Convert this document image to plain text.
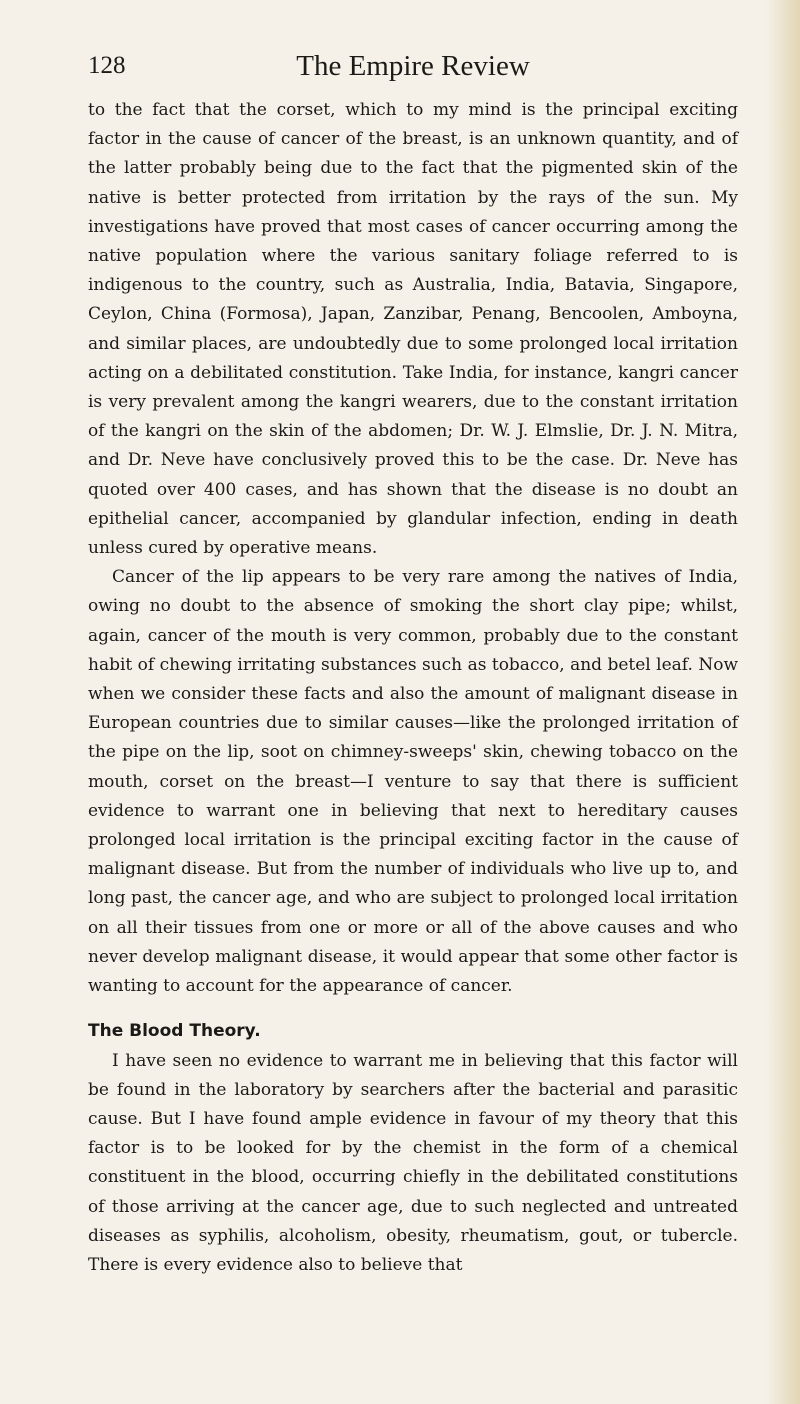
128	The Empire Review

to the fact that the corset, which to my mind is the principal exciting factor in the cause of cancer of the breast, is an unknown quantity, and of the latter probably being due to the fact that the pigmented skin of the native is better protected from irritation by the rays of the sun. My investigations have proved that most cases of cancer occurring among the native population where the various sanitary foliage referred to is indigenous to the country, such as Australia, India, Batavia, Singapore, Ceylon, China (Formosa), Japan, Zanzibar, Penang, Bencoolen, Amboyna, and similar places, are undoubtedly due to some prolonged local irritation acting on a debilitated constitution. Take India, for instance, kangri cancer is very prevalent among the kangri wearers, due to the constant irritation of the kangri on the skin of the abdomen; Dr. W. J. Elmslie, Dr. J. N. Mitra, and Dr. Neve have conclusively proved this to be the case. Dr. Neve has quoted over 400 cases, and has shown that the disease is no doubt an epithelial cancer, accompanied by glandular infection, ending in death unless cured by operative means.

Cancer of the lip appears to be very rare among the natives of India, owing no doubt to the absence of smoking the short clay pipe; whilst, again, cancer of the mouth is very common, probably due to the constant habit of chewing irritating substances such as tobacco, and betel leaf. Now when we consider these facts and also the amount of malignant disease in European countries due to similar causes—like the prolonged irritation of the pipe on the lip, soot on chimney-sweeps' skin, chewing tobacco on the mouth, corset on the breast—I venture to say that there is sufficient evidence to warrant one in believing that next to hereditary causes prolonged local irritation is the principal exciting factor in the cause of malignant disease. But from the number of individuals who live up to, and long past, the cancer age, and who are subject to prolonged local irritation on all their tissues from one or more or all of the above causes and who never develop malignant disease, it would appear that some other factor is wanting to account for the appearance of cancer.

The Blood Theory.

I have seen no evidence to warrant me in believing that this factor will be found in the laboratory by searchers after the bacterial and parasitic cause. But I have found ample evidence in favour of my theory that this factor is to be looked for by the chemist in the form of a chemical constituent in the blood, occurring chiefly in the debilitated constitutions of those arriving at the cancer age, due to such neglected and untreated diseases as syphilis, alcoholism, obesity, rheumatism, gout, or tubercle. There is every evidence also to believe that
